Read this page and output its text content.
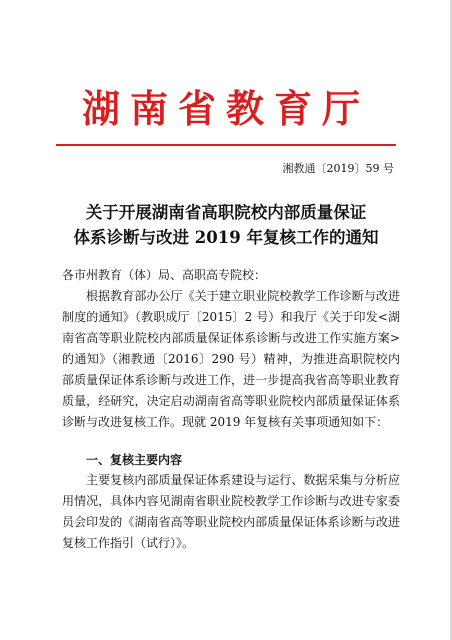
湖南省教育厅
湘教通〔2019〕59 号
关于开展湖南省高职院校内部质量保证
体系诊断与改进 2019 年复核工作的通知
各市州教育（体）局、高职高专院校：
根据教育部办公厅《关于建立职业院校教学工作诊断与改进制度的通知》（教职成厅〔2015〕2 号）和我厅《关于印发<湖南省高等职业院校内部质量保证体系诊断与改进工作实施方案>的通知》（湘教通〔2016〕290 号）精神，为推进高职院校内部质量保证体系诊断与改进工作，进一步提高我省高等职业教育质量，经研究，决定启动湖南省高等职业院校内部质量保证体系诊断与改进复核工作。现就 2019 年复核有关事项通知如下：
一、复核主要内容
主要复核内部质量保证体系建设与运行、数据采集与分析应用情况，具体内容见湖南省职业院校教学工作诊断与改进专家委员会印发的《湖南省高等职业院校内部质量保证体系诊断与改进复核工作指引（试行）》。
